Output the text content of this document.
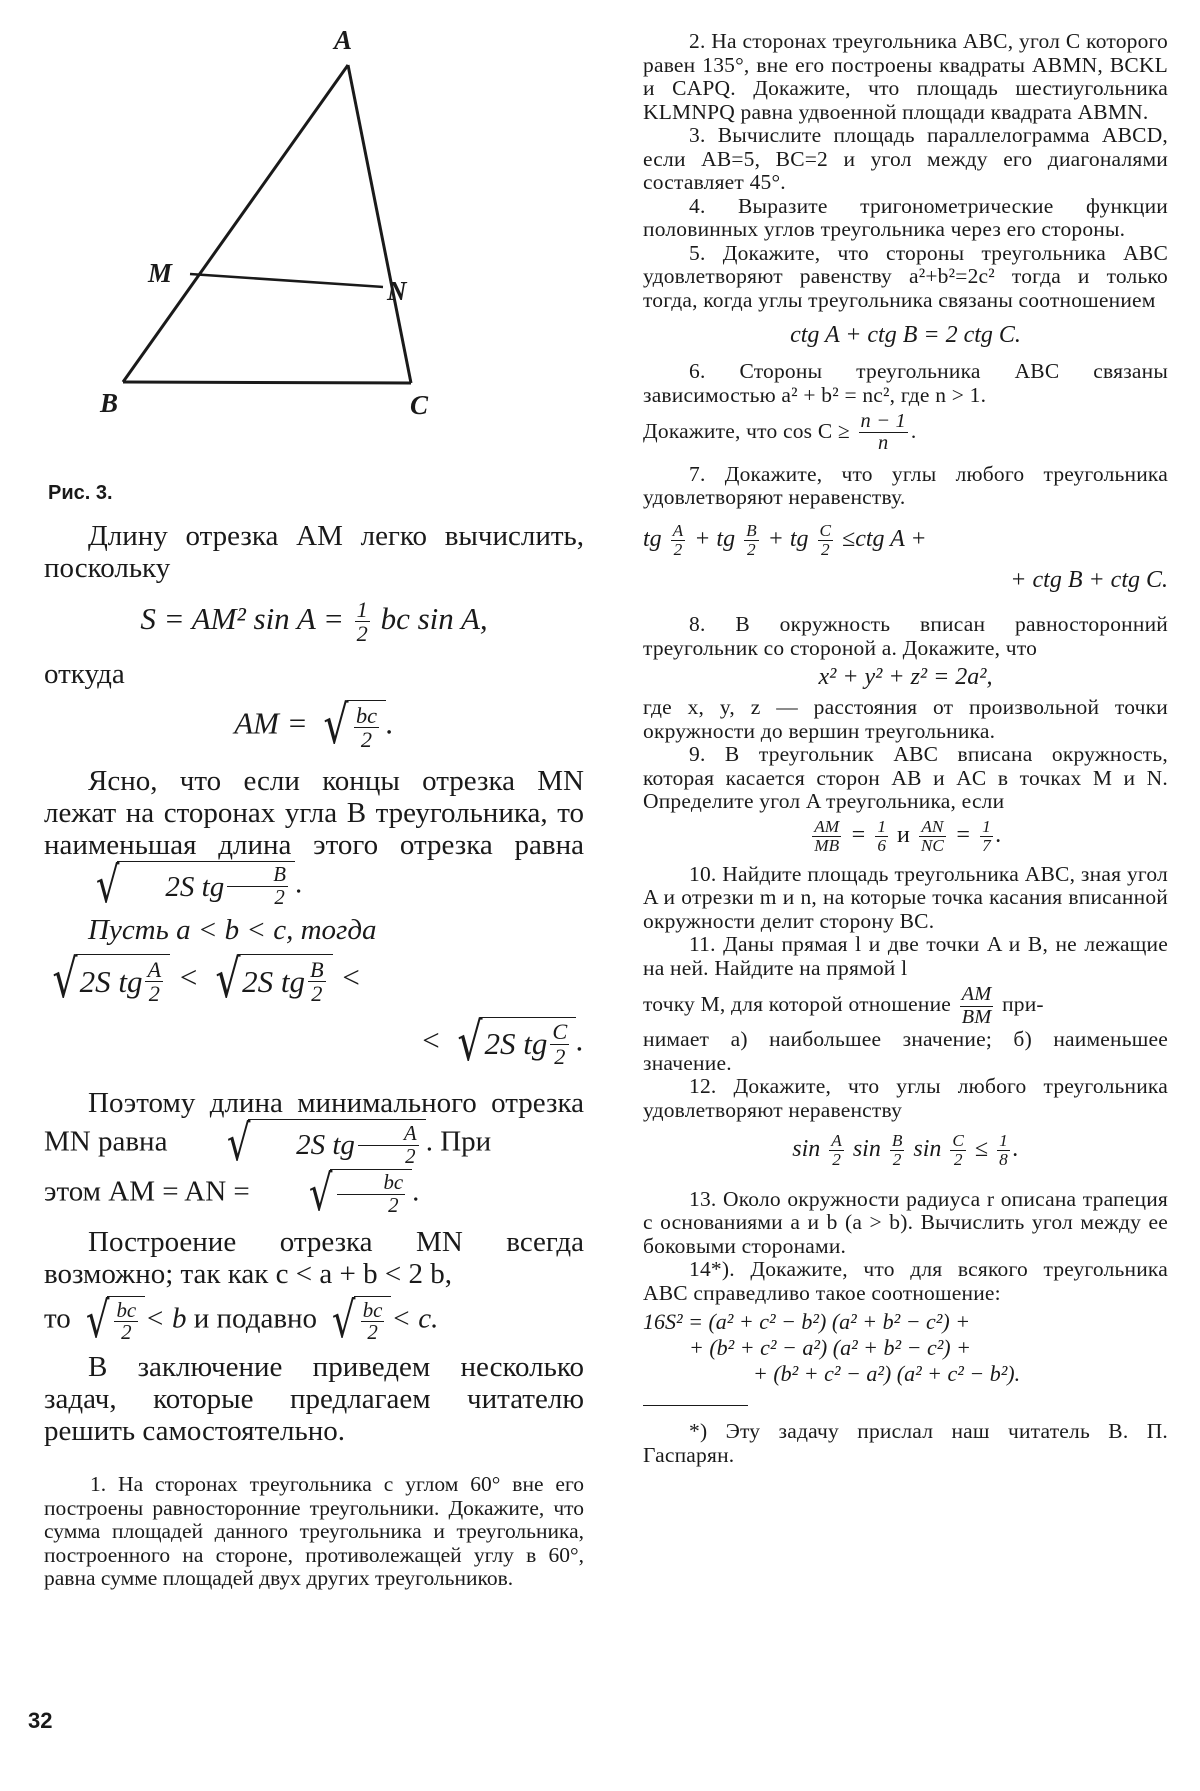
A
B	C
M
N
Рис. 3.

Длину отрезка AM легко вычислить, поскольку

S = AM² $\sin A = \frac{1}{2}$ bc sin A,

откуда

AM = √ $\frac{bc}{2}$ .

Ясно, что если концы отрезка MN лежат на сторонах угла B треугольника, то наименьшая длина этого отрезка равна
√	2S tg $\frac{B}{2}$ .

Пусть a < b < c, тогда

√ 2S tg $\frac{A}{2}$ < √ 2S tg $\frac{B}{2}$ <
< √ 2S tg $\frac{C}{2}$ .

Поэтому длина минимального отрезка MN равна	√	2S tg $\frac{A}{2}$ . При
этом AM = AN =	√ $\frac{bc}{2}$ .

Построение отрезка MN всегда возможно; так как c < a + b < 2 b,

то √ $\frac{bc}{2} < b$ и подавно √ $\frac{bc}{2} < c$.

В заключение приведем несколько задач, которые предлагаем читателю решить самостоятельно.

1. На сторонах треугольника с углом 60° вне его построены равносторонние треугольники. Докажите, что сумма площадей данного треугольника и треугольника, построенного на стороне, противолежащей углу в 60°, равна сумме площадей двух других треугольников.

2. На сторонах треугольника ABC, угол C которого равен 135°, вне его построены квадраты ABMN, BCKL и CAPQ. Докажите, что площадь шестиугольника KLMNPQ равна удвоенной площади квадрата ABMN.

3. Вычислите площадь параллелограмма ABCD, если AB=5, BC=2 и угол между его диагоналями составляет 45°.

4. Выразите тригонометрические функции половинных углов треугольника через его стороны.

5. Докажите, что стороны треугольника ABC удовлетворяют равенству a²+b²=2c² тогда и только тогда, когда углы треугольника связаны соотношением

ctg A + ctg B = 2 ctg C.

6. Стороны треугольника ABC связаны зависимостью a² + b² = nc², где n > 1.

Докажите, что $\cos C \ge \frac{n - 1}{n}$ .

7. Докажите, что углы любого треугольника удовлетворяют неравенству.

tg $\frac{A}{2}$ + tg $\frac{B}{2}$ + tg $\frac{C}{2} \le ctg$ A +
+ ctg B + ctg C.

8. В окружность вписан равносторонний треугольник со стороной a. Докажите, что

x² + y² + z² = 2a²,

где x, y, z — расстояния от произвольной точки окружности до вершин треугольника.

9. В треугольник ABC вписана окружность, которая касается сторон AB и AC в точках M и N. Определите угол A треугольника, если

$\frac{AM}{MB} = \frac{1}{6}$ и $\frac{AN}{NC} = \frac{1}{7}$ .

10. Найдите площадь треугольника ABC, зная угол A и отрезки m и n, на которые точка касания вписанной окружности делит сторону BC.

11. Даны прямая l и две точки A и B, не лежащие на ней. Найдите на прямой l

точку M, для которой отношение $\frac{AM}{BM} при-$

нимает а) наибольшее значение; б) наименьшее значение.

12. Докажите, что углы любого треугольника удовлетворяют неравенству

$\sin \frac{A}{2}$ $\sin \frac{B}{2}$ $\sin \frac{C}{2} \le \frac{1}{8}$ .

13. Около окружности радиуса r описана трапеция с основаниями a и b (a > b). Вычислить угол между ее боковыми сторонами.

14*). Докажите, что для всякого треугольника ABC справедливо такое соотношение:

16S² = (a² + c² − b²) (a² + b² − c²) +
+ (b² + c² − a²) (a² + b² − c²) +
+ (b² + c² − a²) (a² + c² − b²).

*) Эту задачу прислал наш читатель В. П. Гаспарян.

32
